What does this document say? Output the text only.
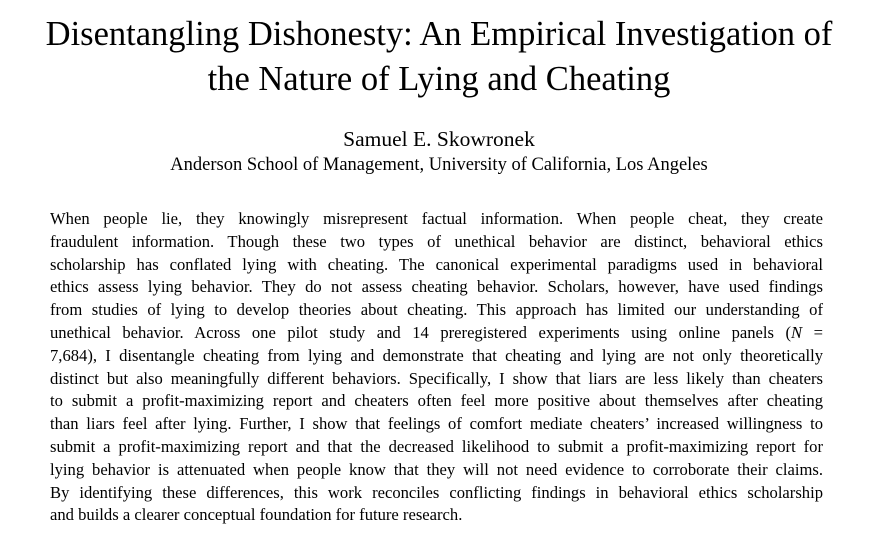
Disentangling Dishonesty: An Empirical Investigation of
the Nature of Lying and Cheating
Samuel E. Skowronek
Anderson School of Management, University of California, Los Angeles
When people lie, they knowingly misrepresent factual information. When people cheat, they create
fraudulent information. Though these two types of unethical behavior are distinct, behavioral ethics
scholarship has conflated lying with cheating. The canonical experimental paradigms used in behavioral
ethics assess lying behavior. They do not assess cheating behavior. Scholars, however, have used findings
from studies of lying to develop theories about cheating. This approach has limited our understanding of
unethical behavior. Across one pilot study and 14 preregistered experiments using online panels (N =
7,684), I disentangle cheating from lying and demonstrate that cheating and lying are not only theoretically
distinct but also meaningfully different behaviors. Specifically, I show that liars are less likely than cheaters
to submit a profit-maximizing report and cheaters often feel more positive about themselves after cheating
than liars feel after lying. Further, I show that feelings of comfort mediate cheaters’ increased willingness to
submit a profit-maximizing report and that the decreased likelihood to submit a profit-maximizing report for
lying behavior is attenuated when people know that they will not need evidence to corroborate their claims.
By identifying these differences, this work reconciles conflicting findings in behavioral ethics scholarship
and builds a clearer conceptual foundation for future research.
